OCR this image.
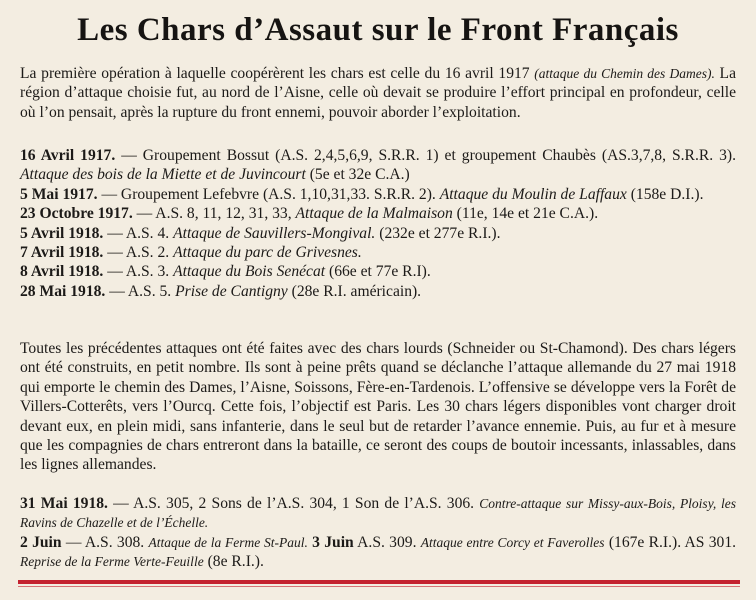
Les Chars d’Assaut sur le Front Français

La première opération à laquelle coopérèrent les chars est celle du 16 avril 1917 (attaque du Chemin des Dames). La région d’attaque choisie fut, au nord de l’Aisne, celle où devait se produire l’effort principal en profondeur, celle où l’on pensait, après la rupture du front ennemi, pouvoir aborder l’exploitation.

16 Avril 1917. — Groupement Bossut (A.S. 2,4,5,6,9, S.R.R. 1) et groupement Chaubès (AS.3,7,8, S.R.R. 3). Attaque des bois de la Miette et de Juvincourt (5e et 32e C.A.)

5 Mai 1917. — Groupement Lefebvre (A.S. 1,10,31,33. S.R.R. 2). Attaque du Moulin de Laffaux (158e D.I.).

23 Octobre 1917. — A.S. 8, 11, 12, 31, 33, Attaque de la Malmaison (11e, 14e et 21e C.A.).

5 Avril 1918. — A.S. 4. Attaque de Sauvillers-Mongival. (232e et 277e R.I.).

7 Avril 1918. — A.S. 2. Attaque du parc de Grivesnes.

8 Avril 1918. — A.S. 3. Attaque du Bois Senécat (66e et 77e R.I).

28 Mai 1918. — A.S. 5. Prise de Cantigny (28e R.I. américain).

Toutes les précédentes attaques ont été faites avec des chars lourds (Schneider ou St-Chamond). Des chars légers ont été construits, en petit nombre. Ils sont à peine prêts quand se déclanche l’attaque allemande du 27 mai 1918 qui emporte le chemin des Dames, l’Aisne, Soissons, Fère-en-Tardenois. L’offensive se développe vers la Forêt de Villers-Cotterêts, vers l’Ourcq. Cette fois, l’objectif est Paris. Les 30 chars légers disponibles vont charger droit devant eux, en plein midi, sans infanterie, dans le seul but de retarder l’avance ennemie. Puis, au fur et à mesure que les compagnies de chars entreront dans la bataille, ce seront des coups de boutoir incessants, inlassables, dans les lignes allemandes.

31 Mai 1918. — A.S. 305, 2 Sons de l’A.S. 304, 1 Son de l’A.S. 306. Contre-attaque sur Missy-aux-Bois, Ploisy, les Ravins de Chazelle et de l’Échelle.

2 Juin — A.S. 308. Attaque de la Ferme St-Paul. 3 Juin A.S. 309. Attaque entre Corcy et Faverolles (167e R.I.). AS 301. Reprise de la Ferme Verte-Feuille (8e R.I.).
